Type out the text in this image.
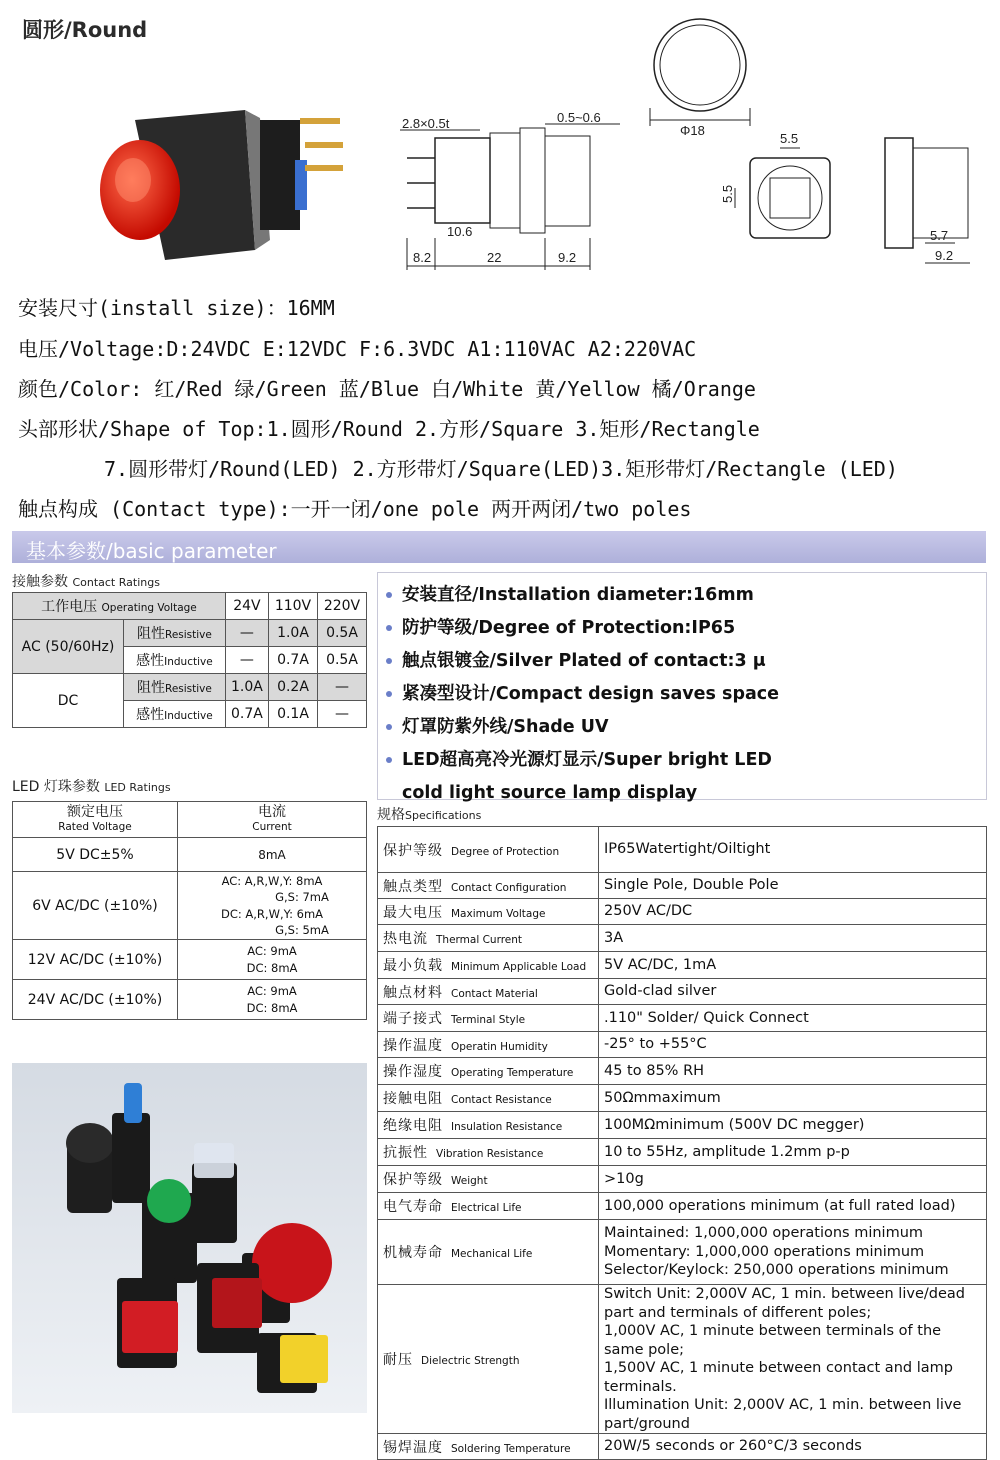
圆形/Round
2.8×0.5t	0.5~0.6
10.6
8.2	22	9.2
Φ18
5.5
5.5
5.7
9.2
安装尺寸(install size)：16MM
电压/Voltage:D:24VDC E:12VDC F:6.3VDC A1:110VAC A2:220VAC
颜色/Color: 红/Red 绿/Green 蓝/Blue 白/White 黄/Yellow 橘/Orange
头部形状/Shape of Top:1.圆形/Round 2.方形/Square 3.矩形/Rectangle
7.圆形带灯/Round(LED) 2.方形带灯/Square(LED)3.矩形带灯/Rectangle (LED)
触点构成 (Contact type):一开一闭/one pole 两开两闭/two poles
基本参数/basic parameter
接触参数 Contact Ratings
工作电压 Operating Voltage		24V	110V	220V
AC (50/60Hz)	阻性Resistive	—	1.0A	0.5A
	感性Inductive	—	0.7A	0.5A
DC	阻性Resistive	1.0A	0.2A	—
	感性Inductive	0.7A	0.1A	—
LED 灯珠参数 LED Ratings
额定电压
Rated Voltage	电流
Current
5V DC±5%	8mA
6V AC/DC (±10%)	AC: A,R,W,Y: 8mA
G,S: 7mA
DC: A,R,W,Y: 6mA
G,S: 5mA

12V AC/DC (±10%)	AC: 9mA
DC: 8mA

24V AC/DC (±10%)	AC: 9mA
DC: 8mA
安装直径/Installation diameter:16mm
防护等级/Degree of Protection:IP65
触点银镀金/Silver Plated of contact:3 μ
紧凑型设计/Compact design saves space
灯罩防紫外线/Shade UV
LED超高亮冷光源灯显示/Super bright LED
cold light source lamp display
规格Specifications
保护等级 Degree of Protection	IP65Watertight/Oiltight

触点类型 Contact Configuration	Single Pole, Double Pole

最大电压 Maximum Voltage	250V AC/DC

热电流 Thermal Current	3A

最小负载 Minimum Applicable Load	5V AC/DC, 1mA

触点材料 Contact Material	Gold-clad silver

端子接式 Terminal Style	.110" Solder/ Quick Connect

操作温度 Operatin Humidity	-25° to +55°C

操作湿度 Operating Temperature	45 to 85% RH

接触电阻 Contact Resistance	50Ωmmaximum

绝缘电阻 Insulation Resistance	100MΩminimum (500V DC megger)

抗振性 Vibration Resistance	10 to 55Hz, amplitude 1.2mm p-p

保护等级 Weight	>10g

电气寿命 Electrical Life	100,000 operations minimum (at full rated load)

机械寿命 Mechanical Life	Maintained: 1,000,000 operations minimum
Momentary: 1,000,000 operations minimum
Selector/Keylock: 250,000 operations minimum

耐压 Dielectric Strength	Switch Unit: 2,000V AC, 1 min. between live/dead
part and terminals of different poles;
1,000V AC, 1 minute between terminals of the same pole;
1,500V AC, 1 minute between contact and lamp terminals.
Illumination Unit: 2,000V AC, 1 min. between live part/ground

锡焊温度 Soldering Temperature	20W/5 seconds or 260°C/3 seconds
